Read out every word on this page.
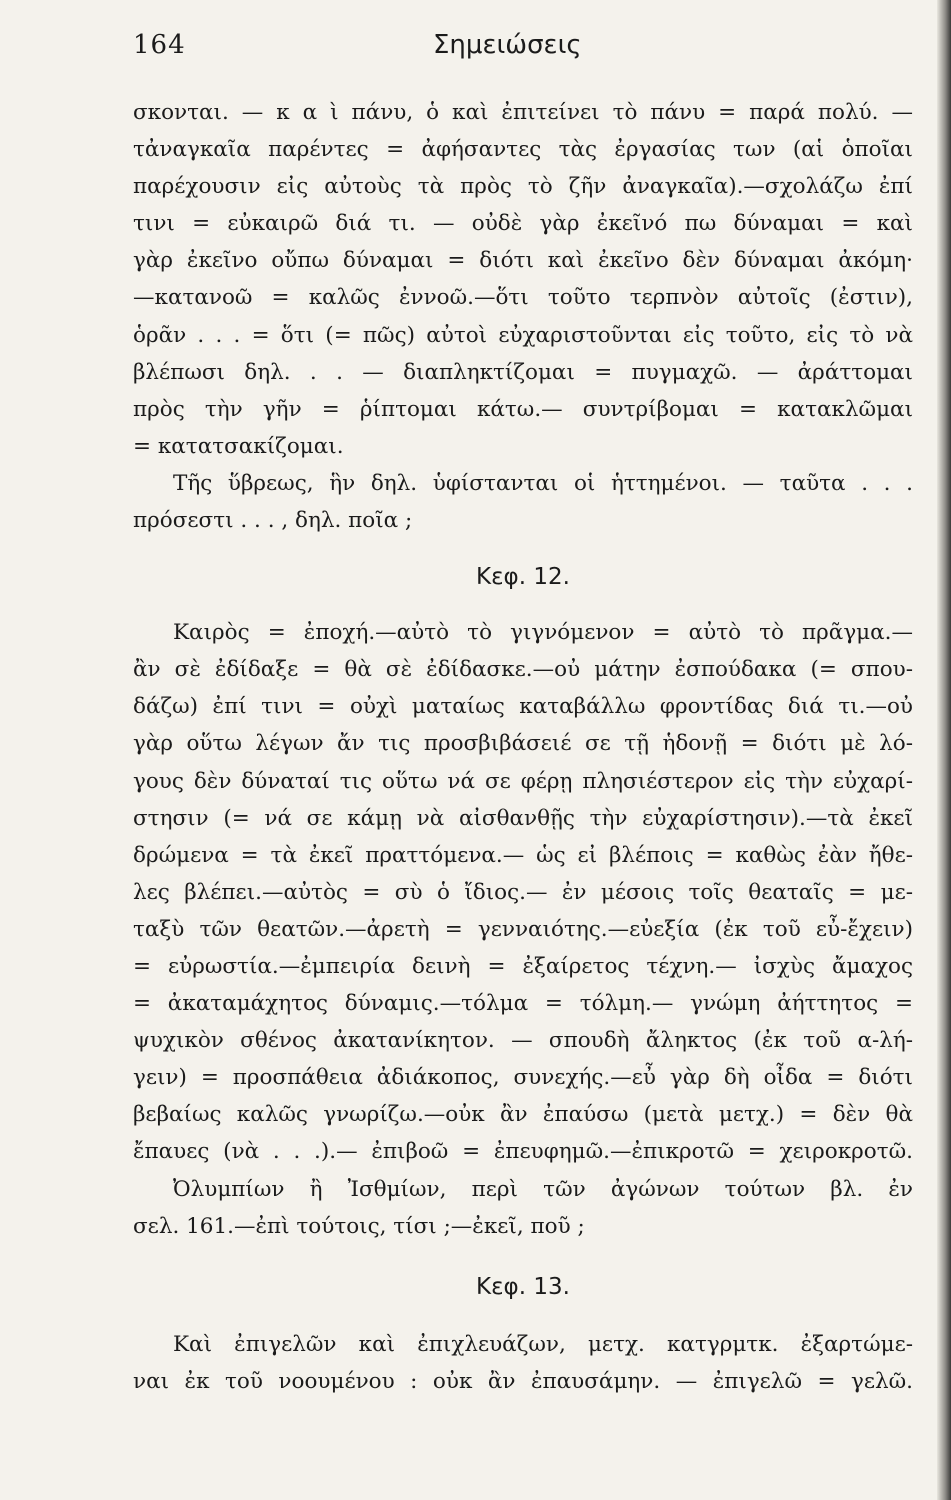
164	Σημειώσεις
σκονται. — κ α ὶ πάνυ, ὁ καὶ ἐπιτείνει τὸ πάνυ = παρά πολύ. —
τἀναγκαῖα παρέντες = ἀφήσαντες τὰς ἐργασίας των (αἱ ὁποῖαι
παρέχουσιν εἰς αὐτοὺς τὰ πρὸς τὸ ζῆν ἀναγκαῖα).—σχολάζω ἐπί
τινι = εὐκαιρῶ διά τι. — οὐδὲ γὰρ ἐκεῖνό πω δύναμαι = καὶ
γὰρ ἐκεῖνο οὔπω δύναμαι = διότι καὶ ἐκεῖνο δὲν δύναμαι ἀκόμη·
—κατανοῶ = καλῶς ἐννοῶ.—ὅτι τοῦτο τερπνὸν αὐτοῖς (ἐστιν),
ὁρᾶν . . . = ὅτι (= πῶς) αὐτοὶ εὐχαριστοῦνται εἰς τοῦτο, εἰς τὸ νὰ
βλέπωσι δηλ. . . — διαπληκτίζομαι = πυγμαχῶ. — ἀράττομαι
πρὸς τὴν γῆν = ῥίπτομαι κάτω.— συντρίβομαι = κατακλῶμαι
= κατατσακίζομαι.
Τῆς ὕβρεως, ἣν δηλ. ὑφίστανται οἱ ἡττημένοι. — ταῦτα . . .
πρόσεστι . . . , δηλ. ποῖα ;
Κεφ. 12.
Καιρὸς = ἐποχή.—αὐτὸ τὸ γιγνόμενον = αὐτὸ τὸ πρᾶγμα.—
ἂν σὲ ἐδίδαξε = θὰ σὲ ἐδίδασκε.—οὐ μάτην ἐσπούδακα (= σπου-
δάζω) ἐπί τινι = οὐχὶ ματαίως καταβάλλω φροντίδας διά τι.—οὐ
γὰρ οὕτω λέγων ἄν τις προσβιβάσειέ σε τῇ ἡδονῇ = διότι μὲ λό-
γους δὲν δύναταί τις οὕτω νά σε φέρῃ πλησιέστερον εἰς τὴν εὐχαρί-
στησιν (= νά σε κάμῃ νὰ αἰσθανθῇς τὴν εὐχαρίστησιν).—τὰ ἐκεῖ
δρώμενα = τὰ ἐκεῖ πραττόμενα.— ὡς εἰ βλέποις = καθὼς ἐὰν ἤθε-
λες βλέπει.—αὐτὸς = σὺ ὁ ἴδιος.— ἐν μέσοις τοῖς θεαταῖς = με-
ταξὺ τῶν θεατῶν.—ἀρετὴ = γενναιότης.—εὐεξία (ἐκ τοῦ εὖ-ἔχειν)
= εὐρωστία.—ἐμπειρία δεινὴ = ἐξαίρετος τέχνη.— ἰσχὺς ἄμαχος
= ἀκαταμάχητος δύναμις.—τόλμα = τόλμη.— γνώμη ἀήττητος =
ψυχικὸν σθένος ἀκατανίκητον. — σπουδὴ ἄληκτος (ἐκ τοῦ α-λή-
γειν) = προσπάθεια ἀδιάκοπος, συνεχής.—εὖ γὰρ δὴ οἶδα = διότι
βεβαίως καλῶς γνωρίζω.—οὐκ ἂν ἐπαύσω (μετὰ μετχ.) = δὲν θὰ
ἔπαυες (νὰ . . .).— ἐπιβοῶ = ἐπευφημῶ.—ἐπικροτῶ = χειροκροτῶ.
Ὀλυμπίων ἢ Ἰσθμίων, περὶ τῶν ἀγώνων τούτων βλ. ἐν
σελ. 161.—ἐπὶ τούτοις, τίσι ;—ἐκεῖ, ποῦ ;
Κεφ. 13.
Καὶ ἐπιγελῶν καὶ ἐπιχλευάζων, μετχ. κατγρμτκ. ἐξαρτώμε-
ναι ἐκ τοῦ νοουμένου : οὐκ ἂν ἐπαυσάμην. — ἐπιγελῶ = γελῶ.
